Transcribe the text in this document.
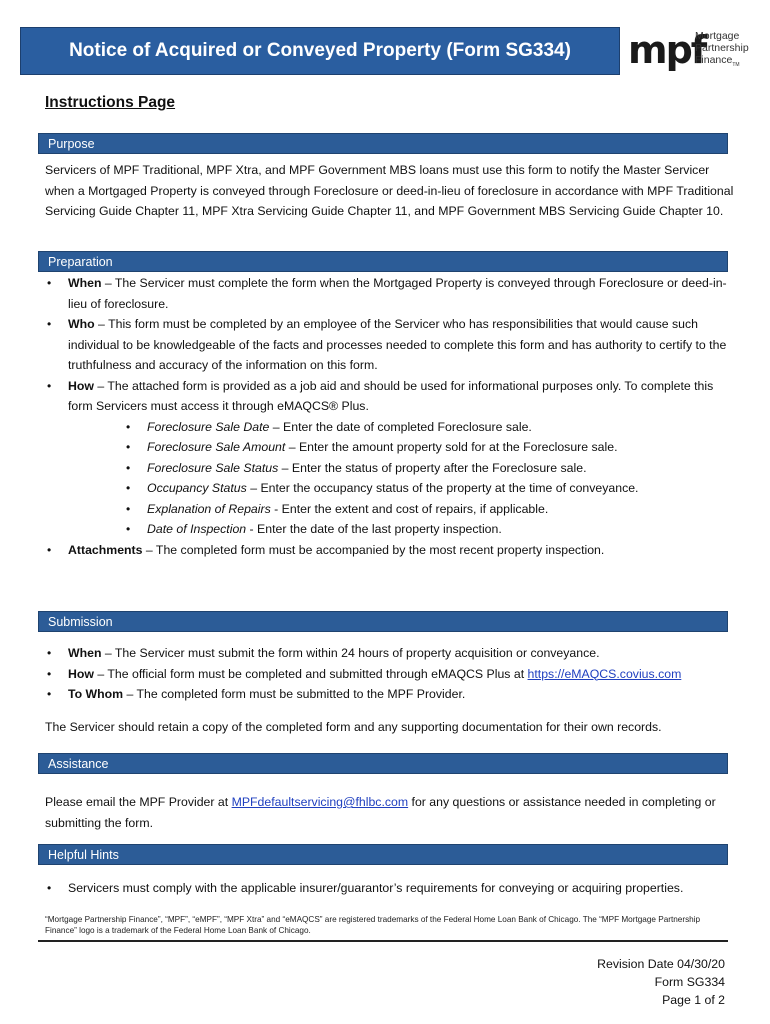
Notice of Acquired or Conveyed Property (Form SG334) mpf
Mortgage
Partnership
Finance$_{TM}$
Instructions Page
Purpose

Servicers of MPF Traditional, MPF Xtra, and MPF Government MBS loans must use this form to notify the Master Servicer when a Mortgaged Property is conveyed through Foreclosure or deed-in-lieu of foreclosure in accordance with MPF Traditional Servicing Guide Chapter 11, MPF Xtra Servicing Guide Chapter 11, and MPF Government MBS Servicing Guide Chapter 10.

Preparation
• When – The Servicer must complete the form when the Mortgaged Property is conveyed through Foreclosure or deed-in-lieu of foreclosure.
• Who – This form must be completed by an employee of the Servicer who has responsibilities that would cause such individual to be knowledgeable of the facts and processes needed to complete this form and has authority to certify to the truthfulness and accuracy of the information on this form.
• How – The attached form is provided as a job aid and should be used for informational purposes only. To complete this form Servicers must access it through eMAQCS® Plus.
• Foreclosure Sale Date – Enter the date of completed Foreclosure sale.
• Foreclosure Sale Amount – Enter the amount property sold for at the Foreclosure sale.
• Foreclosure Sale Status – Enter the status of property after the Foreclosure sale.
• Occupancy Status – Enter the occupancy status of the property at the time of conveyance.
• Explanation of Repairs - Enter the extent and cost of repairs, if applicable.
• Date of Inspection - Enter the date of the last property inspection.
• Attachments – The completed form must be accompanied by the most recent property inspection.
Submission
• When – The Servicer must submit the form within 24 hours of property acquisition or conveyance.
• How – The official form must be completed and submitted through eMAQCS Plus at https://eMAQCS.covius.com
• To Whom – The completed form must be submitted to the MPF Provider.

The Servicer should retain a copy of the completed form and any supporting documentation for their own records.

Assistance

Please email the MPF Provider at MPFdefaultservicing@fhlbc.com for any questions or assistance needed in completing or submitting the form.

Helpful Hints
• Servicers must comply with the applicable insurer/guarantor’s requirements for conveying or acquiring properties.
“Mortgage Partnership Finance”, “MPF”, “eMPF”, “MPF Xtra” and “eMAQCS” are registered trademarks of the Federal Home Loan Bank of Chicago. The “MPF Mortgage Partnership Finance” logo is a trademark of the Federal Home Loan Bank of Chicago.
Revision Date 04/30/20
Form SG334
Page 1 of 2
